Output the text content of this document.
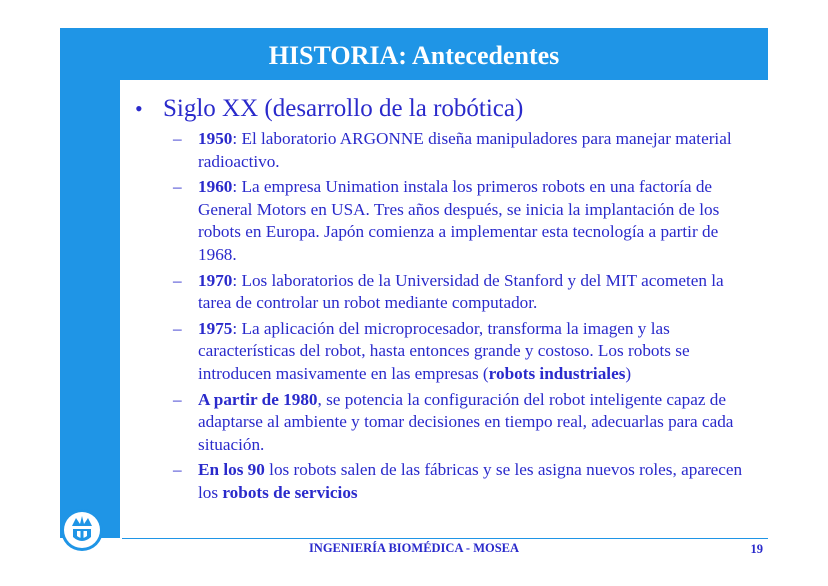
HISTORIA: Antecedentes
• Siglo XX (desarrollo de la robótica)
– 1950: El laboratorio ARGONNE diseña manipuladores para manejar material radioactivo.
– 1960: La empresa Unimation instala los primeros robots en una factoría de General Motors en USA. Tres años después, se inicia la implantación de los robots en Europa. Japón comienza a implementar esta tecnología a partir de 1968.
– 1970: Los laboratorios de la Universidad de Stanford y del MIT acometen la tarea de controlar un robot mediante computador.
– 1975: La aplicación del microprocesador, transforma la imagen y las características del robot, hasta entonces grande y costoso. Los robots se introducen masivamente en las empresas (robots industriales)
– A partir de 1980, se potencia la configuración del robot inteligente capaz de adaptarse al ambiente y tomar decisiones en tiempo real, adecuarlas para cada situación.
– En los 90 los robots salen de las fábricas y se les asigna nuevos roles, aparecen los robots de servicios
INGENIERÍA BIOMÉDICA - MOSEA	19
